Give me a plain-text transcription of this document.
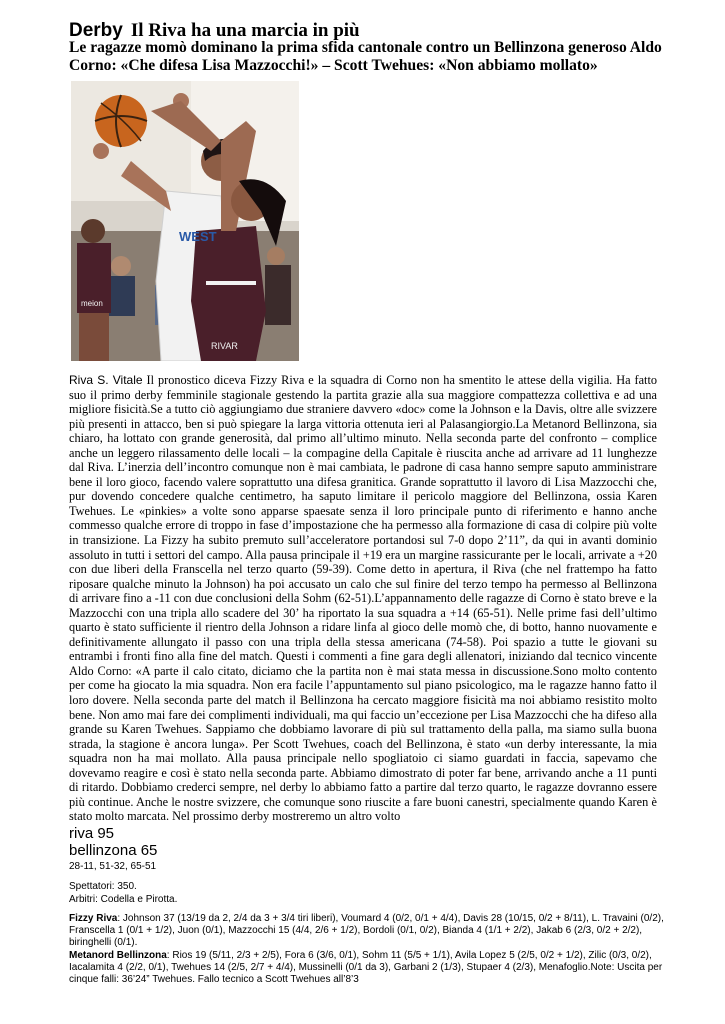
Derby Il Riva ha una marcia in più
Le ragazze momò dominano la prima sfida cantonale contro un Bellinzona generoso Aldo Corno: «Che difesa Lisa Mazzocchi!» – Scott Twehues: «Non abbiamo mollato»
WEST
RIVAR
meion

Riva S. Vitale Il pronostico diceva Fizzy Riva e la squadra di Corno non ha smentito le attese della vigilia. Ha fatto suo il primo derby femminile stagionale gestendo la partita grazie alla sua maggiore compattezza collettiva e ad una migliore fisicità.Se a tutto ciò aggiungiamo due straniere davvero «doc» come la Johnson e la Davis, oltre alle svizzere più presenti in attacco, ben si può spiegare la larga vittoria ottenuta ieri al Palasangiorgio.La Metanord Bellinzona, sia chiaro, ha lottato con grande generosità, dal primo all’ultimo minuto. Nella seconda parte del confronto – complice anche un leggero rilassamento delle locali – la compagine della Capitale è riuscita anche ad arrivare ad 11 lunghezze dal Riva. L’inerzia dell’incontro comunque non è mai cambiata, le padrone di casa hanno sempre saputo amministrare bene il loro gioco, facendo valere soprattutto una difesa granitica. Grande soprattutto il lavoro di Lisa Mazzocchi che, pur dovendo concedere qualche centimetro, ha saputo limitare il pericolo maggiore del Bellinzona, ossia Karen Twehues. Le «pinkies» a volte sono apparse spaesate senza il loro principale punto di riferimento e hanno anche commesso qualche errore di troppo in fase d’impostazione che ha permesso alla formazione di casa di colpire più volte in transizione. La Fizzy ha subito premuto sull’acceleratore portandosi sul 7-0 dopo 2’11”, da qui in avanti dominio assoluto in tutti i settori del campo. Alla pausa principale il +19 era un margine rassicurante per le locali, arrivate a +20 con due liberi della Franscella nel terzo quarto (59-39). Come detto in apertura, il Riva (che nel frattempo ha fatto riposare qualche minuto la Johnson) ha poi accusato un calo che sul finire del terzo tempo ha permesso al Bellinzona di arrivare fino a -11 con due conclusioni della Sohm (62-51).L’appannamento delle ragazze di Corno è stato breve e la Mazzocchi con una tripla allo scadere del 30’ ha riportato la sua squadra a +14 (65-51). Nelle prime fasi dell’ultimo quarto è stato sufficiente il rientro della Johnson a ridare linfa al gioco delle momò che, di botto, hanno nuovamente e definitivamente allungato il passo con una tripla della stessa americana (74-58). Poi spazio a tutte le giovani su entrambi i fronti fino alla fine del match. Questi i commenti a fine gara degli allenatori, iniziando dal tecnico vincente Aldo Corno: «A parte il calo citato, diciamo che la partita non è mai stata messa in discussione.Sono molto contento per come ha giocato la mia squadra. Non era facile l’appuntamento sul piano psicologico, ma le ragazze hanno fatto il loro dovere. Nella seconda parte del match il Bellinzona ha cercato maggiore fisicità ma noi abbiamo resistito molto bene. Non amo mai fare dei complimenti individuali, ma qui faccio un’eccezione per Lisa Mazzocchi che ha difeso alla grande su Karen Twehues. Sappiamo che dobbiamo lavorare di più sul trattamento della palla, ma siamo sulla buona strada, la stagione è ancora lunga». Per Scott Twehues, coach del Bellinzona, è stato «un derby interessante, la mia squadra non ha mai mollato. Alla pausa principale nello spogliatoio ci siamo guardati in faccia, sapevamo che dovevamo reagire e così è stato nella seconda parte. Abbiamo dimostrato di poter far bene, arrivando anche a 11 punti di ritardo. Dobbiamo crederci sempre, nel derby lo abbiamo fatto a partire dal terzo quarto, le ragazze dovranno essere più continue. Anche le nostre svizzere, che comunque sono riuscite a fare buoni canestri, specialmente quando Karen è stato molto marcata. Nel prossimo derby mostreremo un altro volto

riva 95
bellinzona 65
28-11, 51-32, 65-51
Spettatori: 350.
Arbitri: Codella e Pirotta.

Fizzy Riva: Johnson 37 (13/19 da 2, 2/4 da 3 + 3/4 tiri liberi), Voumard 4 (0/2, 0/1 + 4/4), Davis 28 (10/15, 0/2 + 8/11), L. Travaini (0/2), Franscella 1 (0/1 + 1/2), Juon (0/1), Mazzocchi 15 (4/4, 2/6 + 1/2), Bordoli (0/1, 0/2), Bianda 4 (1/1 + 2/2), Jakab 6 (2/3, 0/2 + 2/2), biringhelli (0/1).

Metanord Bellinzona: Rios 19 (5/11, 2/3 + 2/5), Fora 6 (3/6, 0/1), Sohm 11 (5/5 + 1/1), Avila Lopez 5 (2/5, 0/2 + 1/2), Zilic (0/3, 0/2), Iacalamita 4 (2/2, 0/1), Twehues 14 (2/5, 2/7 + 4/4), Mussinelli (0/1 da 3), Garbani 2 (1/3), Stupaer 4 (2/3), Menafoglio.Note: Uscita per cinque falli: 36’24” Twehues. Fallo tecnico a Scott Twehues all’8’3
